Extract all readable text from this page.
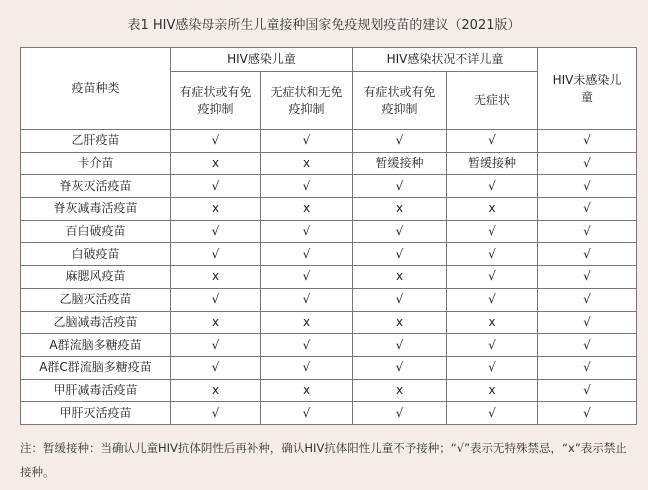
表1 HIV感染母亲所生儿童接种国家免疫规划疫苗的建议（2021版）
疫苗种类	HIV感染儿童		HIV感染状况不详儿童		HIV未感染儿童
	有症状或有免疫抑制	无症状和无免疫抑制	有症状或有免疫抑制	无症状	
乙肝疫苗	√	√	√	√	√
卡介苗	x	x	暂缓接种	暂缓接种	√
脊灰灭活疫苗	√	√	√	√	√
脊灰减毒活疫苗	x	x	x	x	√
百白破疫苗	√	√	√	√	√
白破疫苗	√	√	√	√	√
麻腮风疫苗	x	√	x	√	√
乙脑灭活疫苗	√	√	√	√	√
乙脑减毒活疫苗	x	x	x	x	√
A群流脑多糖疫苗	√	√	√	√	√
A群C群流脑多糖疫苗	√	√	√	√	√
甲肝减毒活疫苗	x	x	x	x	√
甲肝灭活疫苗	√	√	√	√	√
注：暂缓接种：当确认儿童HIV抗体阴性后再补种，确认HIV抗体阳性儿童不予接种；“√”表示无特殊禁忌，“x”表示禁止接种。
